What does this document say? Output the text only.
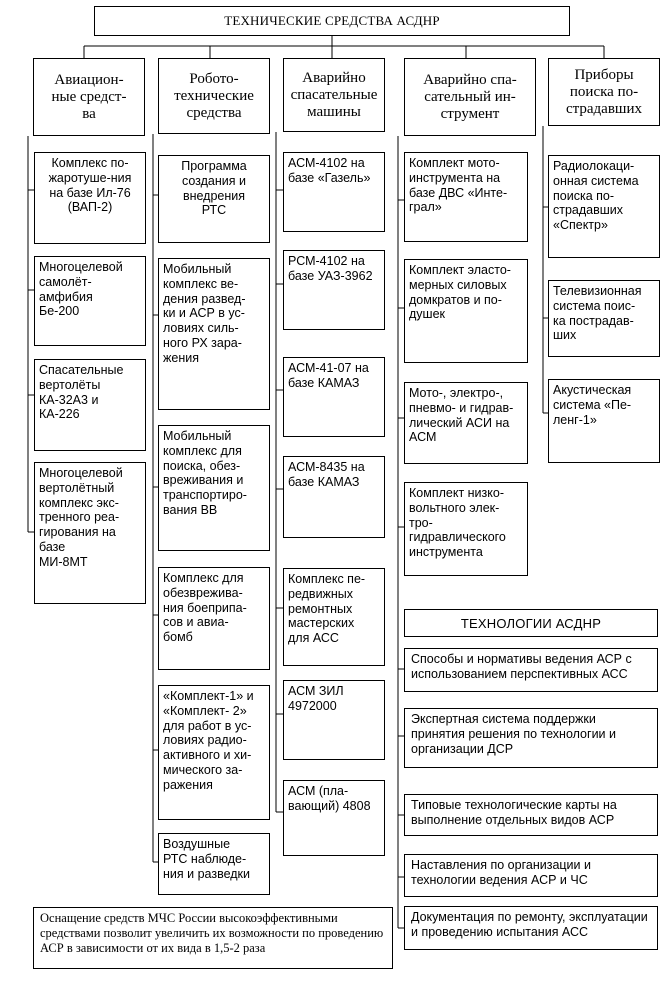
ТЕХНИЧЕСКИЕ СРЕДСТВА АСДНР
Авиацион-
ные средст-
ва
Робото-
технические
средства
Аварийно
спасательные
машины
Аварийно спа-
сательный ин-
струмент
Приборы
поиска по-
страдавших
Комплекс по-
жаротуше-ния
на базе Ил-76
(ВАП-2)
Многоцелевой
самолёт-
амфибия
Бе-200
Спасательные
вертолёты
КА-32А3 и
КА-226
Многоцелевой
вертолётный
комплекс экс-
тренного реа-
гирования на
базе
МИ-8МТ
Программа
создания и
внедрения
РТС
Мобильный
комплекс ве-
дения развед-
ки и АСР в ус-
ловиях силь-
ного РХ зара-
жения
Мобильный
комплекс для
поиска, обез-
вреживания и
транспортиро-
вания ВВ
Комплекс для
обезврежива-
ния боеприпа-
сов и авиа-
бомб
«Комплект-1» и
«Комплект- 2»
для работ в ус-
ловиях радио-
активного и хи-
мического за-
ражения
Воздушные
РТС наблюде-
ния и разведки
АСМ-4102 на
базе «Газель»
РСМ-4102 на
базе УАЗ-3962
АСМ-41-07 на
базе КАМАЗ
АСМ-8435 на
базе КАМАЗ
Комплекс пе-
редвижных
ремонтных
мастерских
для АСС
АСМ ЗИЛ
4972000
АСМ (пла-
вающий) 4808
Комплект мото-
инструмента на
базе ДВС «Инте-
грал»
Комплект эласто-
мерных силовых
домкратов и по-
душек
Мото-, электро-,
пневмо- и гидрав-
лический АСИ на
АСМ
Комплект низко-
вольтного элек-
тро-
гидравлического
инструмента
Радиолокаци-
онная система
поиска по-
страдавших
«Спектр»
Телевизионная
система поис-
ка пострадав-
ших
Акустическая
система «Пе-
ленг-1»
ТЕХНОЛОГИИ АСДНР
Способы и нормативы ведения АСР с использованием перспективных АСС
Экспертная система поддержки принятия решения по технологии и организации ДСР
Типовые технологические карты на выполнение отдельных видов АСР
Наставления по организации и технологии ведения АСР и ЧС
Документация по ремонту, эксплуатации и проведению испытания АСС
Оснащение средств МЧС России высокоэффективными средствами позволит увеличить их возможности по проведению АСР в зависимости от их вида в 1,5-2 раза
